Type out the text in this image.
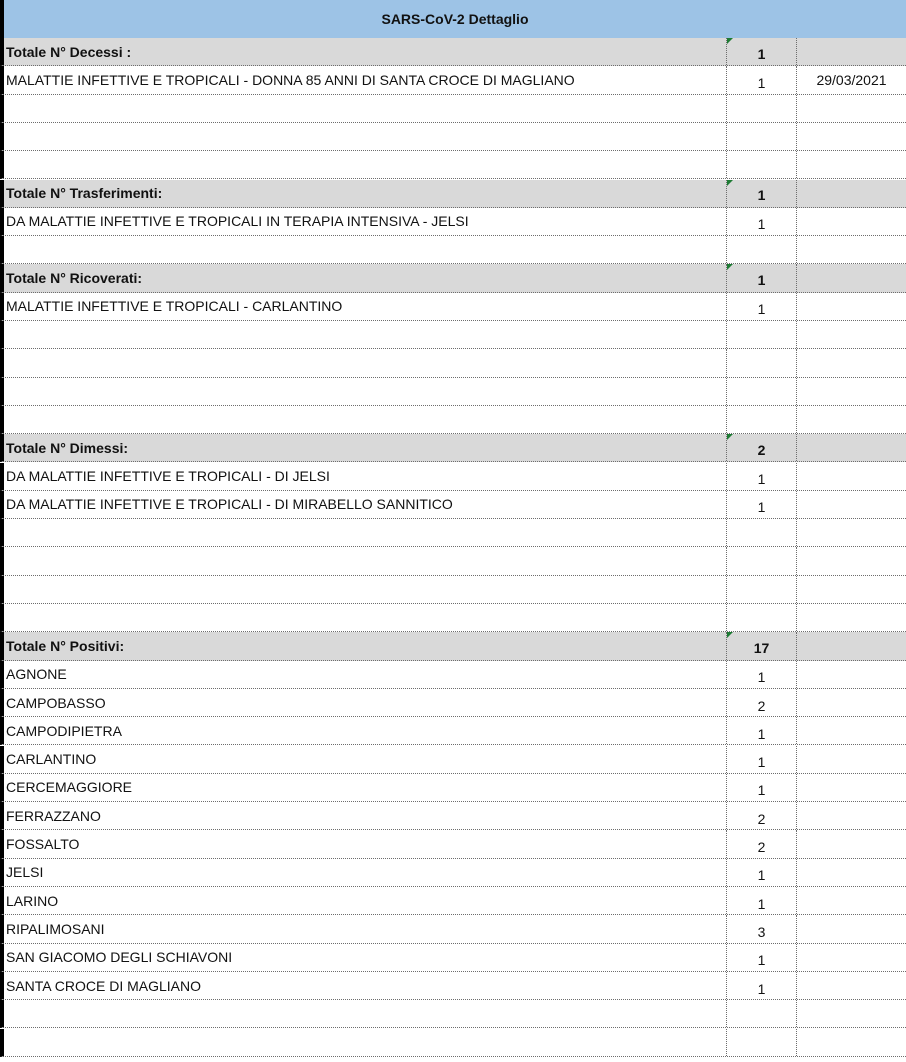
SARS-CoV-2 Dettaglio
Totale N° Decessi :	1
MALATTIE INFETTIVE E TROPICALI - DONNA 85 ANNI DI SANTA CROCE DI MAGLIANO	1	29/03/2021
Totale N° Trasferimenti:	1
DA MALATTIE INFETTIVE E TROPICALI IN TERAPIA INTENSIVA - JELSI	1
Totale N° Ricoverati:	1
MALATTIE INFETTIVE E TROPICALI - CARLANTINO	1
Totale N° Dimessi:	2
DA MALATTIE INFETTIVE E TROPICALI - DI JELSI	1
DA MALATTIE INFETTIVE E TROPICALI - DI MIRABELLO SANNITICO	1
Totale N° Positivi:	17
AGNONE	1
CAMPOBASSO	2
CAMPODIPIETRA	1
CARLANTINO	1
CERCEMAGGIORE	1
FERRAZZANO	2
FOSSALTO	2
JELSI	1
LARINO	1
RIPALIMOSANI	3
SAN GIACOMO DEGLI SCHIAVONI	1
SANTA CROCE DI MAGLIANO	1
